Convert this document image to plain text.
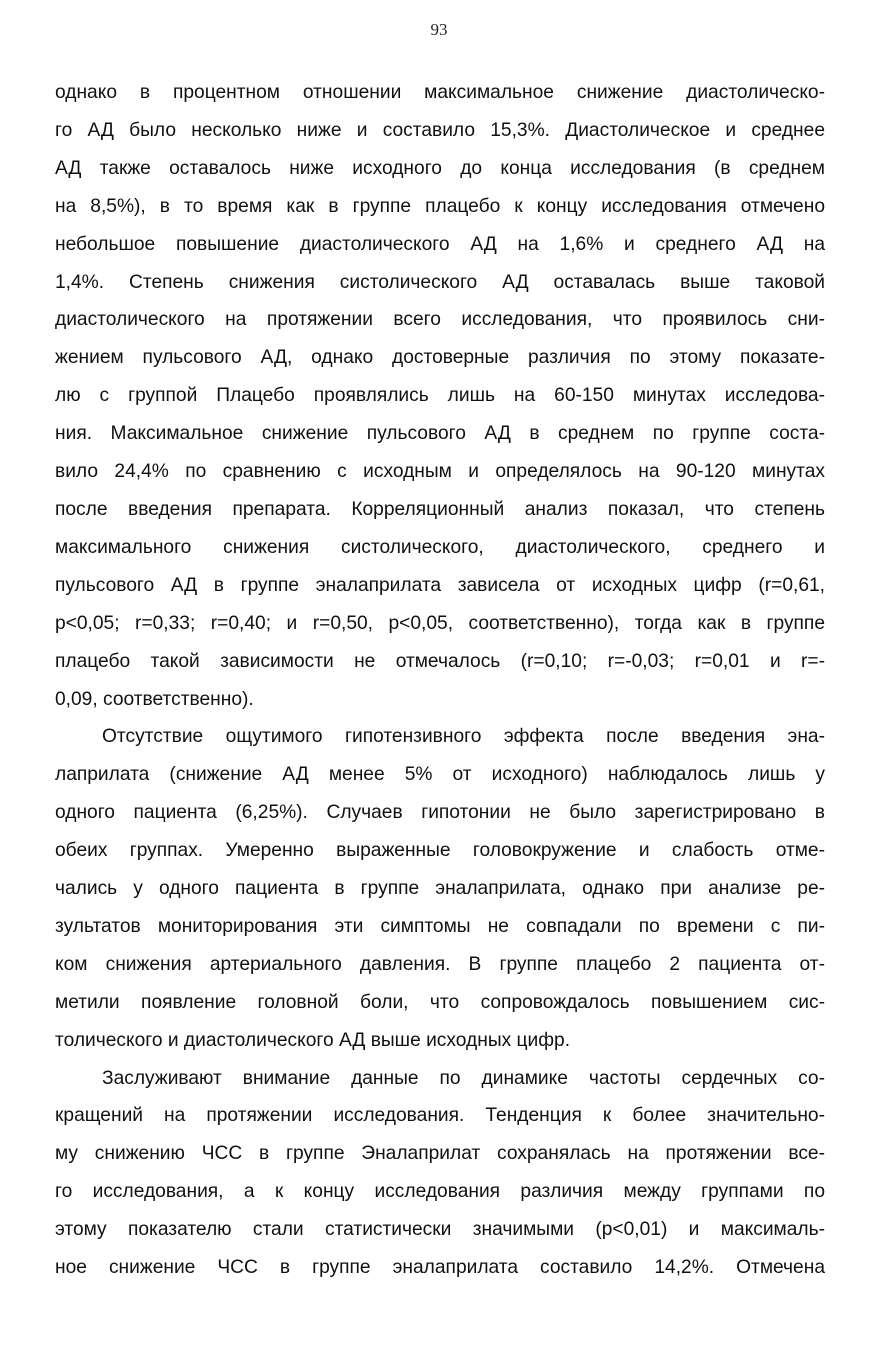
93
однако в процентном отношении максимальное снижение диастолическо-
го АД было несколько ниже и составило 15,3%. Диастолическое и среднее
АД также оставалось ниже исходного до конца исследования (в среднем
на 8,5%), в то время как в группе плацебо к концу исследования отмечено
небольшое повышение диастолического АД на 1,6% и среднего АД на
1,4%. Степень снижения систолического АД оставалась выше таковой
диастолического на протяжении всего исследования, что проявилось сни-
жением пульсового АД, однако достоверные различия по этому показате-
лю с группой Плацебо проявлялись лишь на 60-150 минутах исследова-
ния. Максимальное снижение пульсового АД в среднем по группе соста-
вило 24,4% по сравнению с исходным и определялось на 90-120 минутах
после введения препарата. Корреляционный анализ показал, что степень
максимального снижения систолического, диастолического, среднего и
пульсового АД в группе эналаприлата зависела от исходных цифр (r=0,61,
p<0,05; r=0,33; r=0,40; и r=0,50, p<0,05, соответственно), тогда как в группе
плацебо такой зависимости не отмечалось (r=0,10; r=-0,03; r=0,01 и r=-
0,09, соответственно).
Отсутствие ощутимого гипотензивного эффекта после введения эна-
лаприлата (снижение АД менее 5% от исходного) наблюдалось лишь у
одного пациента (6,25%). Случаев гипотонии не было зарегистрировано в
обеих группах. Умеренно выраженные головокружение и слабость отме-
чались у одного пациента в группе эналаприлата, однако при анализе ре-
зультатов мониторирования эти симптомы не совпадали по времени с пи-
ком снижения артериального давления. В группе плацебо 2 пациента от-
метили появление головной боли, что сопровождалось повышением сис-
толического и диастолического АД выше исходных цифр.
Заслуживают внимание данные по динамике частоты сердечных со-
кращений на протяжении исследования. Тенденция к более значительно-
му снижению ЧСС в группе Эналаприлат сохранялась на протяжении все-
го исследования, а к концу исследования различия между группами по
этому показателю стали статистически значимыми (p<0,01) и максималь-
ное снижение ЧСС в группе эналаприлата составило 14,2%. Отмечена
